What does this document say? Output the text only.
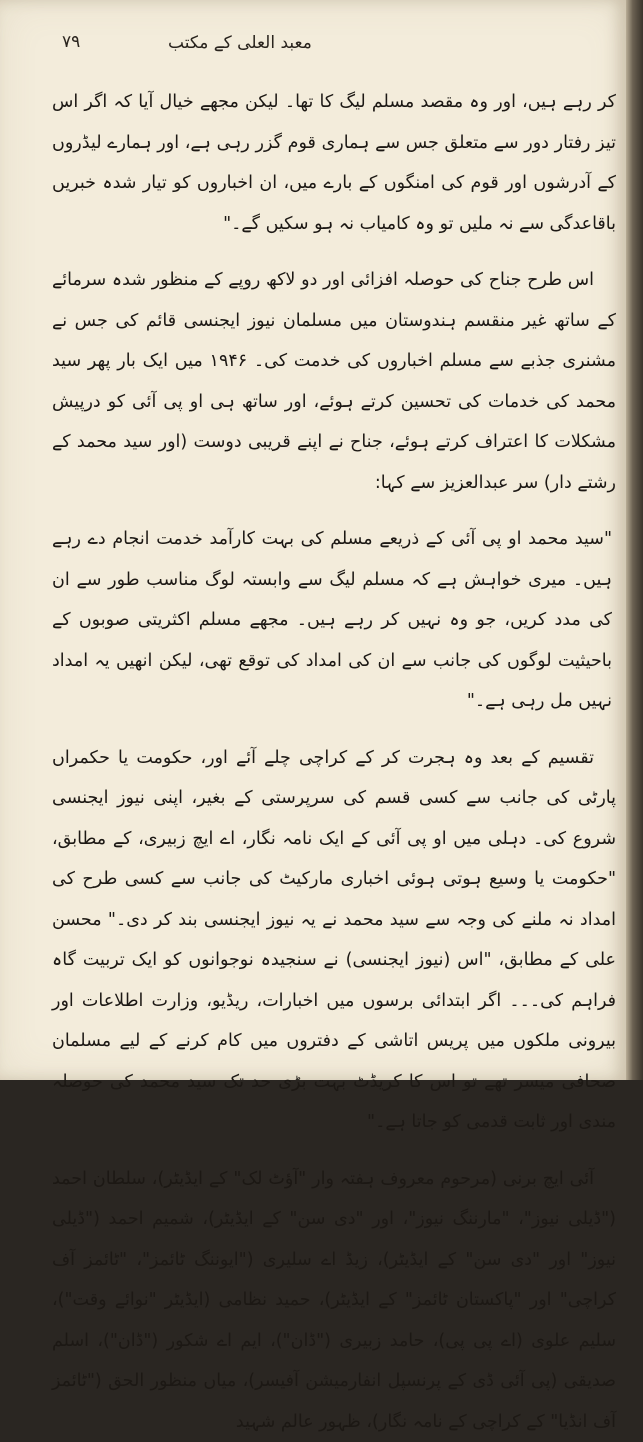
۷۹	معبد العلی کے مکتب

کر رہے ہیں، اور وہ مقصد مسلم لیگ کا تھا۔ لیکن مجھے خیال آیا کہ اگر اس تیز رفتار دور سے متعلق جس سے ہماری قوم گزر رہی ہے، اور ہمارے لیڈروں کے آدرشوں اور قوم کی امنگوں کے بارے میں، ان اخباروں کو تیار شدہ خبریں باقاعدگی سے نہ ملیں تو وہ کامیاب نہ ہو سکیں گے۔"

اس طرح جناح کی حوصلہ افزائی اور دو لاکھ روپے کے منظور شدہ سرمائے کے ساتھ غیر منقسم ہندوستان میں مسلمان نیوز ایجنسی قائم کی جس نے مشنری جذبے سے مسلم اخباروں کی خدمت کی۔ ۱۹۴۶ میں ایک بار پھر سید محمد کی خدمات کی تحسین کرتے ہوئے، اور ساتھ ہی او پی آئی کو درپیش مشکلات کا اعتراف کرتے ہوئے، جناح نے اپنے قریبی دوست (اور سید محمد کے رشتے دار) سر عبدالعزیز سے کہا:

"سید محمد او پی آئی کے ذریعے مسلم کی بہت کارآمد خدمت انجام دے رہے ہیں۔ میری خواہش ہے کہ مسلم لیگ سے وابستہ لوگ مناسب طور سے ان کی مدد کریں، جو وہ نہیں کر رہے ہیں۔ مجھے مسلم اکثریتی صوبوں کے باحیثیت لوگوں کی جانب سے ان کی امداد کی توقع تھی، لیکن انھیں یہ امداد نہیں مل رہی ہے۔"

تقسیم کے بعد وہ ہجرت کر کے کراچی چلے آئے اور، حکومت یا حکمراں پارٹی کی جانب سے کسی قسم کی سرپرستی کے بغیر، اپنی نیوز ایجنسی شروع کی۔ دہلی میں او پی آئی کے ایک نامہ نگار، اے ایچ زبیری، کے مطابق، "حکومت یا وسیع ہوتی ہوئی اخباری مارکیٹ کی جانب سے کسی طرح کی امداد نہ ملنے کی وجہ سے سید محمد نے یہ نیوز ایجنسی بند کر دی۔" محسن علی کے مطابق، "اس (نیوز ایجنسی) نے سنجیدہ نوجوانوں کو ایک تربیت گاہ فراہم کی۔۔۔ اگر ابتدائی برسوں میں اخبارات، ریڈیو، وزارت اطلاعات اور بیرونی ملکوں میں پریس اتاشی کے دفتروں میں کام کرنے کے لیے مسلمان صحافی میسر تھے تو اس کا کریڈٹ بہت بڑی حد تک سید محمد کی حوصلہ مندی اور ثابت قدمی کو جاتا ہے۔"

آئی ایچ برنی (مرحوم معروف ہفتہ وار "آؤٹ لک" کے ایڈیٹر)، سلطان احمد ("ڈیلی نیوز"، "مارننگ نیوز"، اور "دی سن" کے ایڈیٹر)، شمیم احمد ("ڈیلی نیوز" اور "دی سن" کے ایڈیٹر)، زیڈ اے سلیری ("ایوننگ ٹائمز"، "ٹائمز آف کراچی" اور "پاکستان ٹائمز" کے ایڈیٹر)، حمید نظامی (ایڈیٹر "نوائے وقت")، سلیم علوی (اے پی پی)، حامد زبیری ("ڈان")، ایم اے شکور ("ڈان")، اسلم صدیقی (پی آئی ڈی کے پرنسپل انفارمیشن آفیسر)، میاں منظور الحق ("ٹائمز آف انڈیا" کے کراچی کے نامہ نگار)، ظہور عالم شہید
